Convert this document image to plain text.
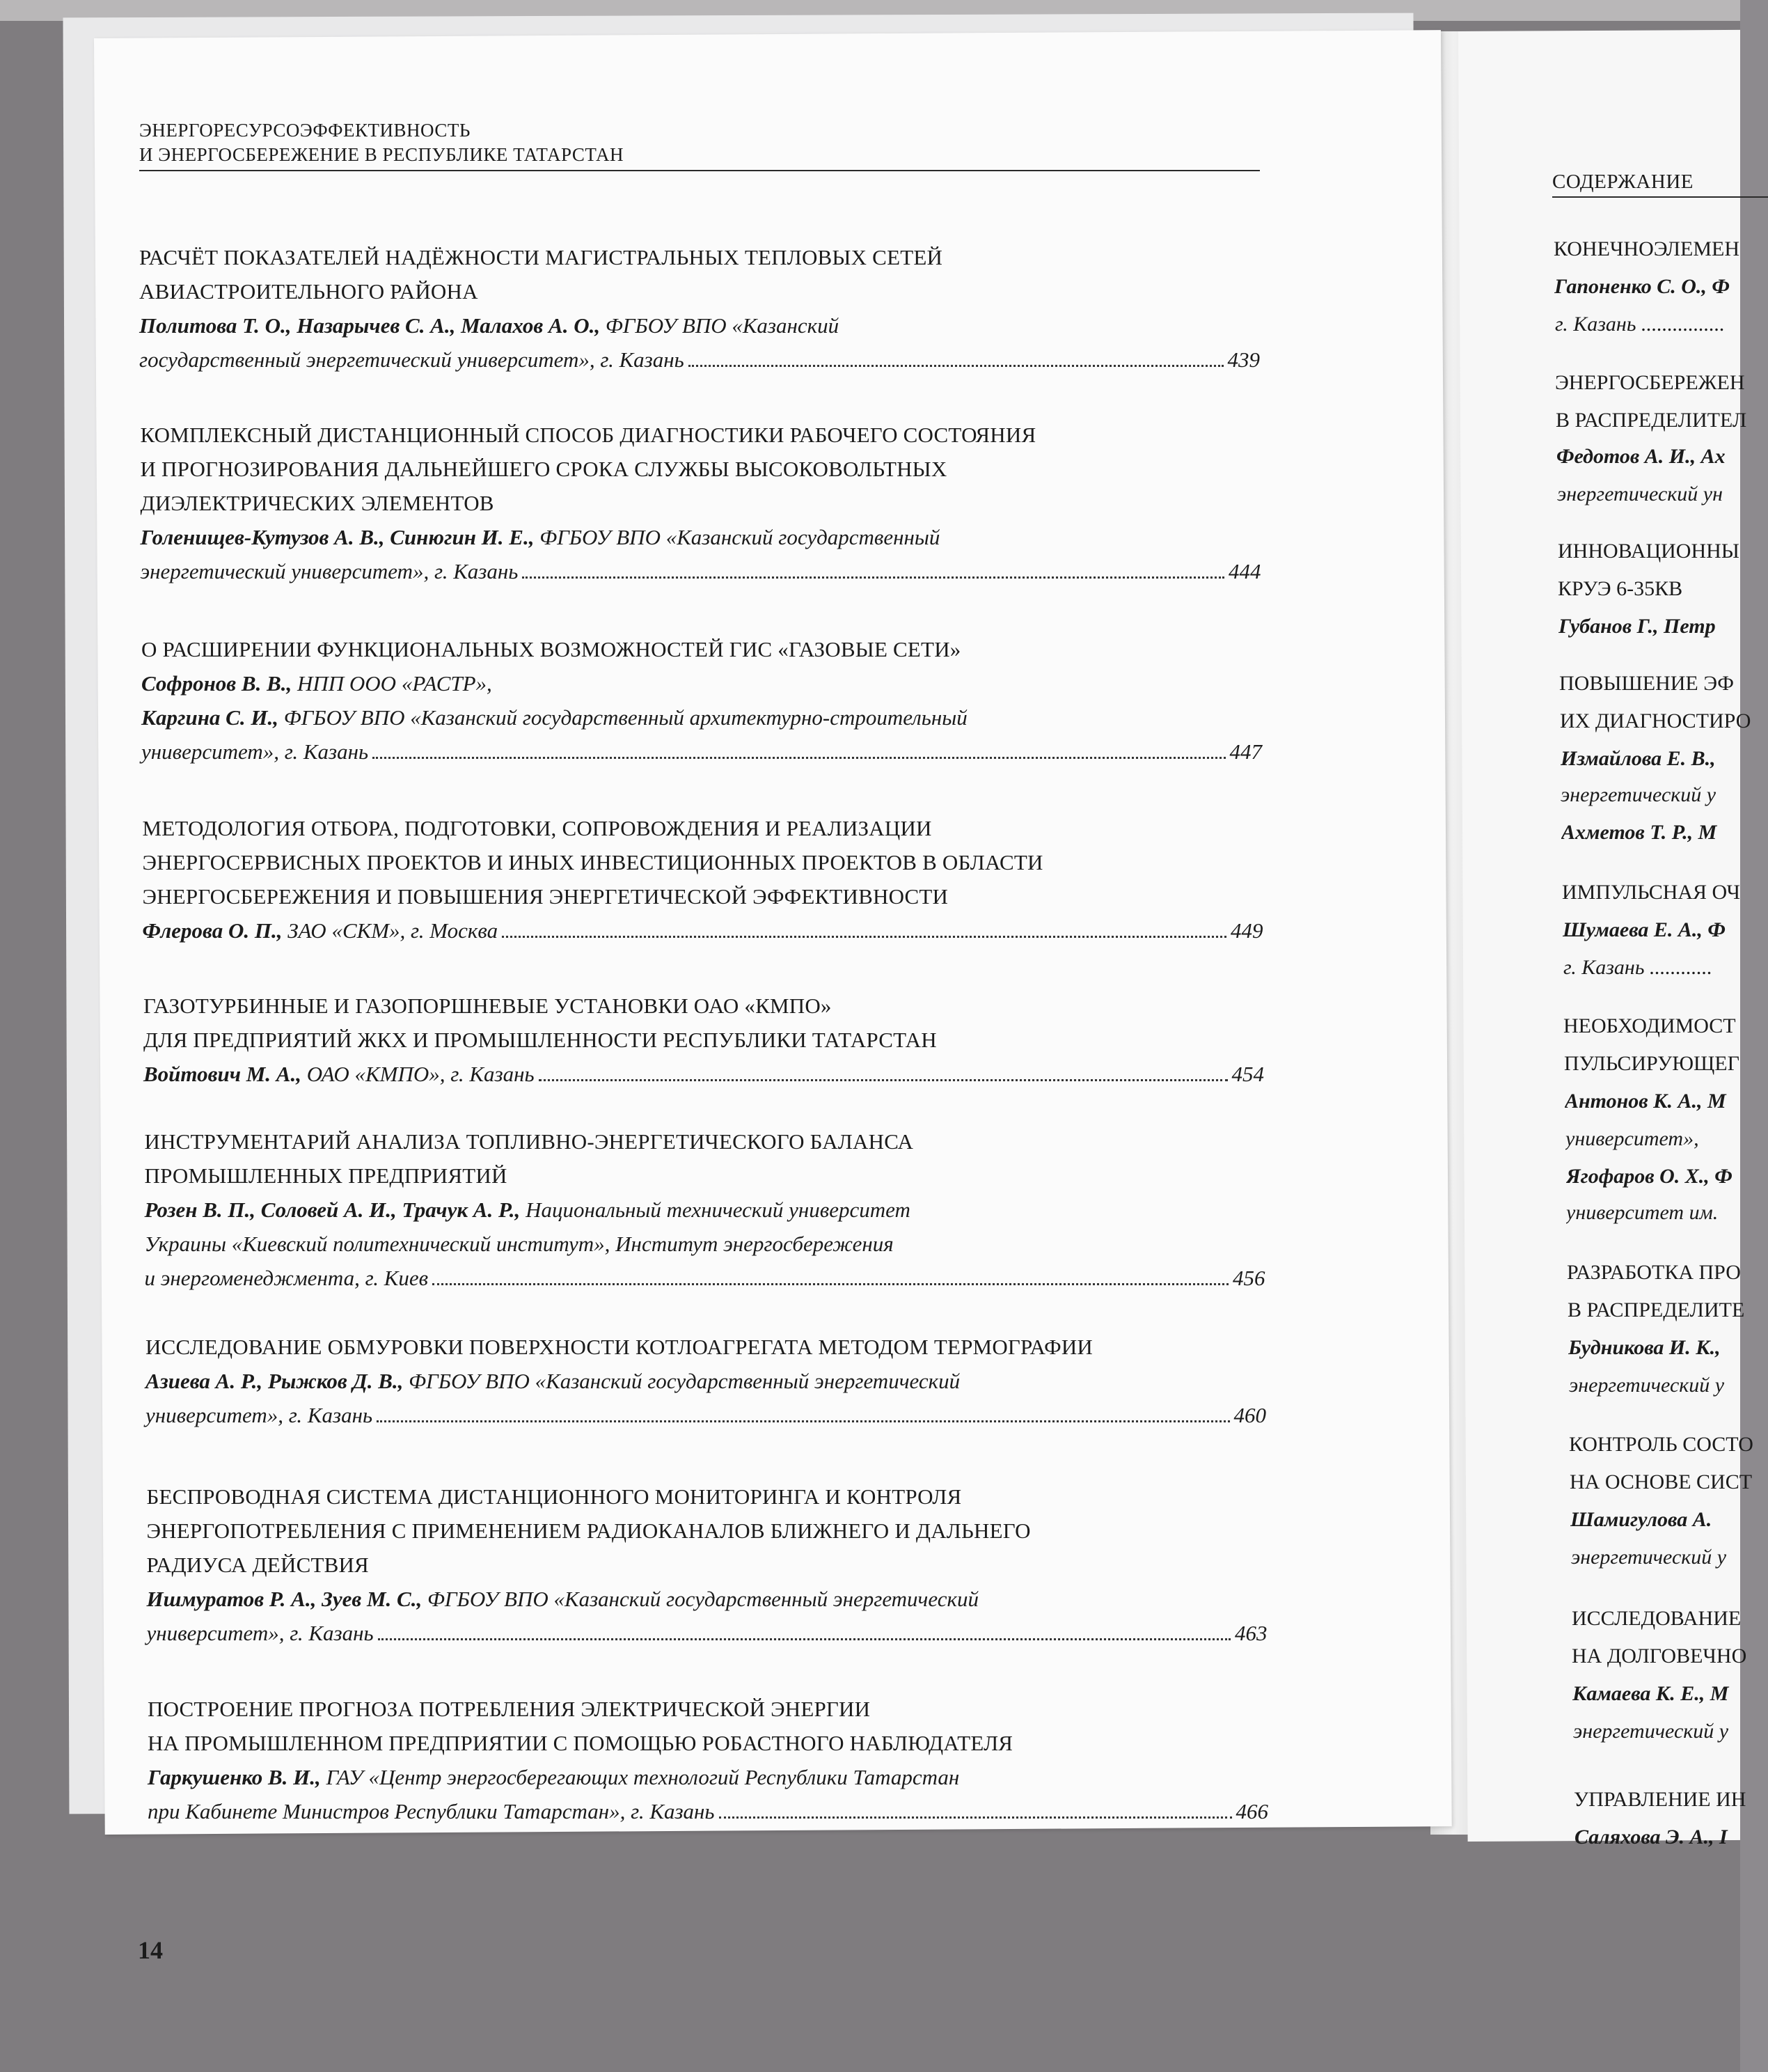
ЭНЕРГОРЕСУРСОЭФФЕКТИВНОСТЬ
И ЭНЕРГОСБЕРЕЖЕНИЕ В РЕСПУБЛИКЕ ТАТАРСТАН
РАСЧЁТ ПОКАЗАТЕЛЕЙ НАДЁЖНОСТИ МАГИСТРАЛЬНЫХ ТЕПЛОВЫХ СЕТЕЙ
АВИАСТРОИТЕЛЬНОГО РАЙОНА
Политова Т. О., Назарычев С. А., Малахов А. О., ФГБОУ ВПО «Казанский
государственный энергетический университет», г. Казань	439
КОМПЛЕКСНЫЙ ДИСТАНЦИОННЫЙ СПОСОБ ДИАГНОСТИКИ РАБОЧЕГО СОСТОЯНИЯ
И ПРОГНОЗИРОВАНИЯ ДАЛЬНЕЙШЕГО СРОКА СЛУЖБЫ ВЫСОКОВОЛЬТНЫХ
ДИЭЛЕКТРИЧЕСКИХ ЭЛЕМЕНТОВ
Голенищев-Кутузов А. В., Синюгин И. Е., ФГБОУ ВПО «Казанский государственный
энергетический университет», г. Казань	444
О РАСШИРЕНИИ ФУНКЦИОНАЛЬНЫХ ВОЗМОЖНОСТЕЙ ГИС «ГАЗОВЫЕ СЕТИ»
Софронов В. В., НПП ООО «РАСТР»,
Каргина С. И., ФГБОУ ВПО «Казанский государственный архитектурно-строительный
университет», г. Казань	447
МЕТОДОЛОГИЯ ОТБОРА, ПОДГОТОВКИ, СОПРОВОЖДЕНИЯ И РЕАЛИЗАЦИИ
ЭНЕРГОСЕРВИСНЫХ ПРОЕКТОВ И ИНЫХ ИНВЕСТИЦИОННЫХ ПРОЕКТОВ В ОБЛАСТИ
ЭНЕРГОСБЕРЕЖЕНИЯ И ПОВЫШЕНИЯ ЭНЕРГЕТИЧЕСКОЙ ЭФФЕКТИВНОСТИ
Флерова О. П., ЗАО «СКМ», г. Москва	449
ГАЗОТУРБИННЫЕ И ГАЗОПОРШНЕВЫЕ УСТАНОВКИ ОАО «КМПО»
ДЛЯ ПРЕДПРИЯТИЙ ЖКХ И ПРОМЫШЛЕННОСТИ РЕСПУБЛИКИ ТАТАРСТАН
Войтович М. А., ОАО «КМПО», г. Казань	454
ИНСТРУМЕНТАРИЙ АНАЛИЗА ТОПЛИВНО-ЭНЕРГЕТИЧЕСКОГО БАЛАНСА
ПРОМЫШЛЕННЫХ ПРЕДПРИЯТИЙ
Розен В. П., Соловей А. И., Трачук А. Р., Национальный технический университет
Украины «Киевский политехнический институт», Институт энергосбережения
и энергоменеджмента, г. Киев	456
ИССЛЕДОВАНИЕ ОБМУРОВКИ ПОВЕРХНОСТИ КОТЛОАГРЕГАТА МЕТОДОМ ТЕРМОГРАФИИ
Азиева А. Р., Рыжков Д. В., ФГБОУ ВПО «Казанский государственный энергетический
университет», г. Казань	460
БЕСПРОВОДНАЯ СИСТЕМА ДИСТАНЦИОННОГО МОНИТОРИНГА И КОНТРОЛЯ
ЭНЕРГОПОТРЕБЛЕНИЯ С ПРИМЕНЕНИЕМ РАДИОКАНАЛОВ БЛИЖНЕГО И ДАЛЬНЕГО
РАДИУСА ДЕЙСТВИЯ
Ишмуратов Р. А., Зуев М. С., ФГБОУ ВПО «Казанский государственный энергетический
университет», г. Казань	463
ПОСТРОЕНИЕ ПРОГНОЗА ПОТРЕБЛЕНИЯ ЭЛЕКТРИЧЕСКОЙ ЭНЕРГИИ
НА ПРОМЫШЛЕННОМ ПРЕДПРИЯТИИ С ПОМОЩЬЮ РОБАСТНОГО НАБЛЮДАТЕЛЯ
Гаркушенко В. И., ГАУ «Центр энергосберегающих технологий Республики Татарстан
при Кабинете Министров Республики Татарстан», г. Казань	466
14
СОДЕРЖАНИЕ
КОНЕЧНОЭЛЕМЕН
Гапоненко С. О., Ф
г. Казань ................
ЭНЕРГОСБЕРЕЖЕН
В РАСПРЕДЕЛИТЕЛ
Федотов А. И., Ах
энергетический ун
ИННОВАЦИОННЫ
КРУЭ 6-35КВ
Губанов Г., Петр
ПОВЫШЕНИЕ ЭФ
ИХ ДИАГНОСТИРО
Измайлова Е. В.,
энергетический у
Ахметов Т. Р., М
ИМПУЛЬСНАЯ ОЧ
Шумаева Е. А., Ф
г. Казань ............
НЕОБХОДИМОСТ
ПУЛЬСИРУЮЩЕГ
Антонов К. А., М
университет»,
Ягофаров О. Х., Ф
университет им.
РАЗРАБОТКА ПРО
В РАСПРЕДЕЛИТЕ
Будникова И. К.,
энергетический у
КОНТРОЛЬ СОСТО
НА ОСНОВЕ СИСТ
Шамигулова А.
энергетический у
ИССЛЕДОВАНИЕ
НА ДОЛГОВЕЧНО
Камаева К. Е., М
энергетический у
УПРАВЛЕНИЕ ИН
Саляхова Э. А., I
